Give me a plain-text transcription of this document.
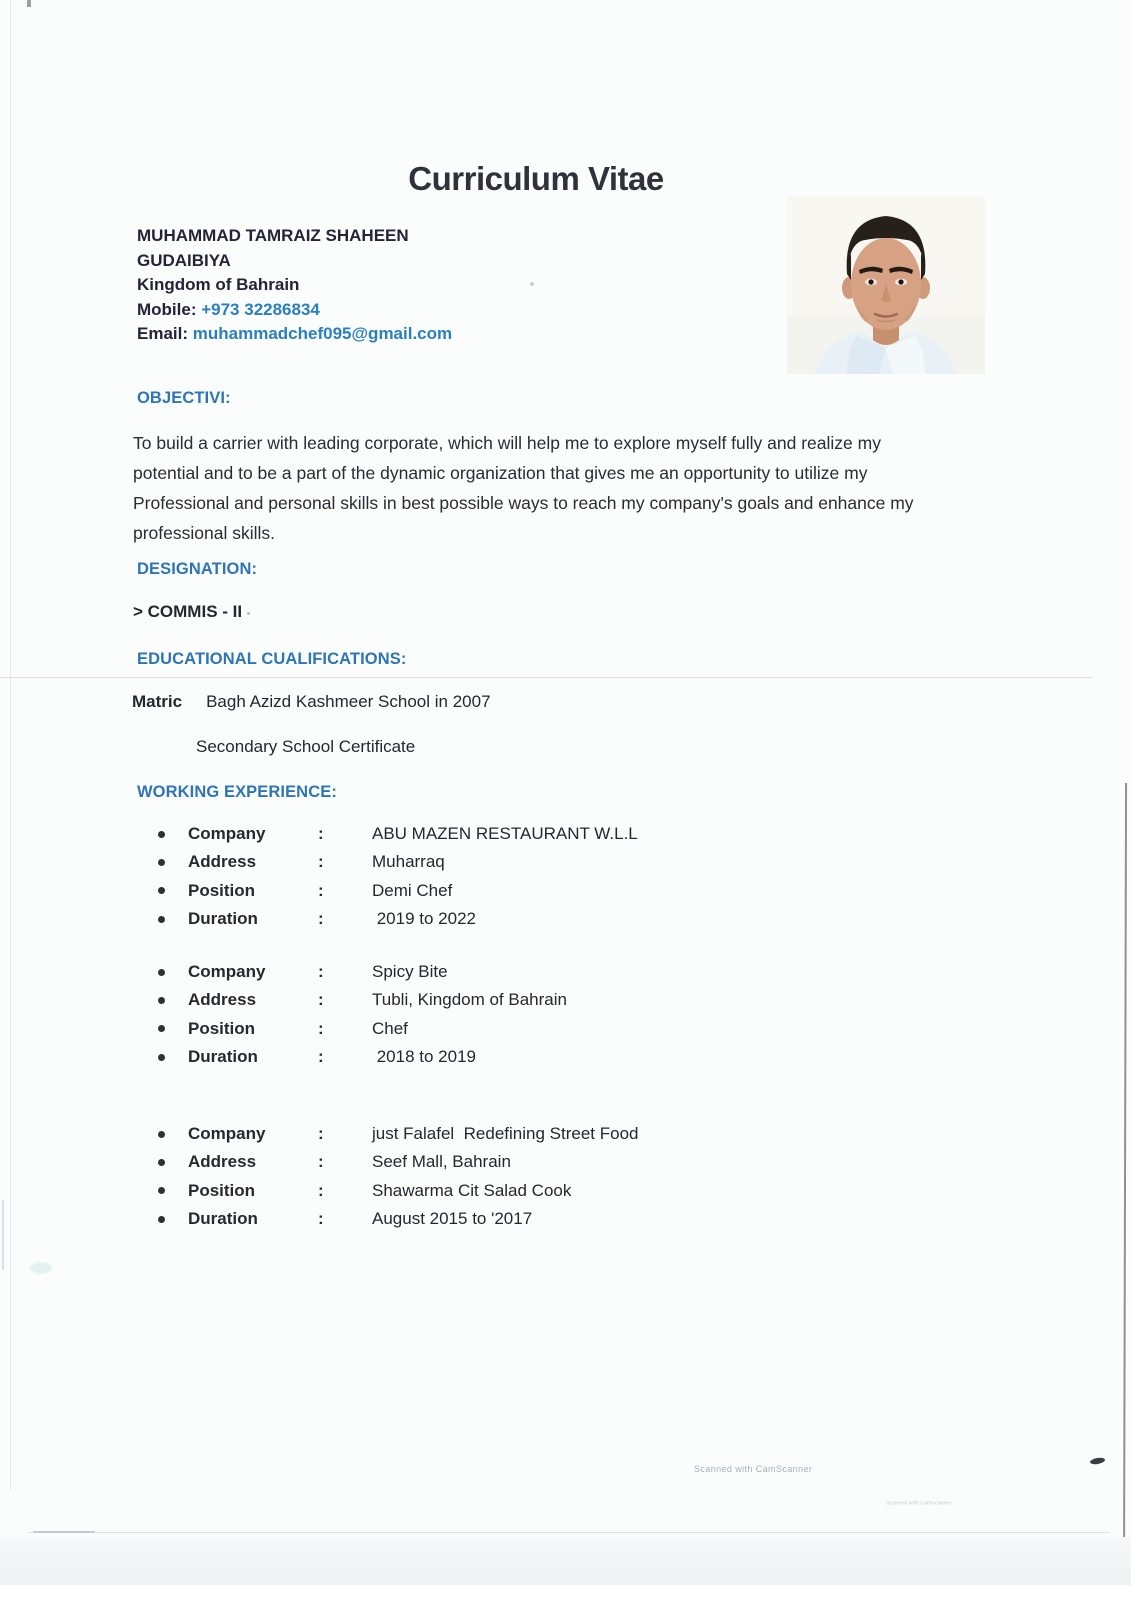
Curriculum Vitae
MUHAMMAD TAMRAIZ SHAHEEN
GUDAIBIYA
Kingdom of Bahrain
Mobile: +973 32286834
Email: muhammadchef095@gmail.com
OBJECTIVI:
To build a carrier with leading corporate, which will help me to explore myself fully and realize my
potential and to be a part of the dynamic organization that gives me an opportunity to utilize my
Professional and personal skills in best possible ways to reach my company's goals and enhance my
professional skills.
DESIGNATION:
> COMMIS - II
EDUCATIONAL CUALIFICATIONS:
Matric Bagh Azizd Kashmeer School in 2007
Secondary School Certificate
WORKING EXPERIENCE:
Company	:	ABU MAZEN RESTAURANT W.L.L
Address	:	Muharraq
Position	:	Demi Chef
Duration	:	2019 to 2022
Company	:	Spicy Bite
Address	:	Tubli, Kingdom of Bahrain
Position	:	Chef
Duration	:	2018 to 2019
Company	:	just Falafel  Redefining Street Food
Address	:	Seef Mall, Bahrain
Position	:	Shawarma Cit Salad Cook
Duration	:	August 2015 to '2017
Scanned with CamScanner
Scanned with CamScanner
